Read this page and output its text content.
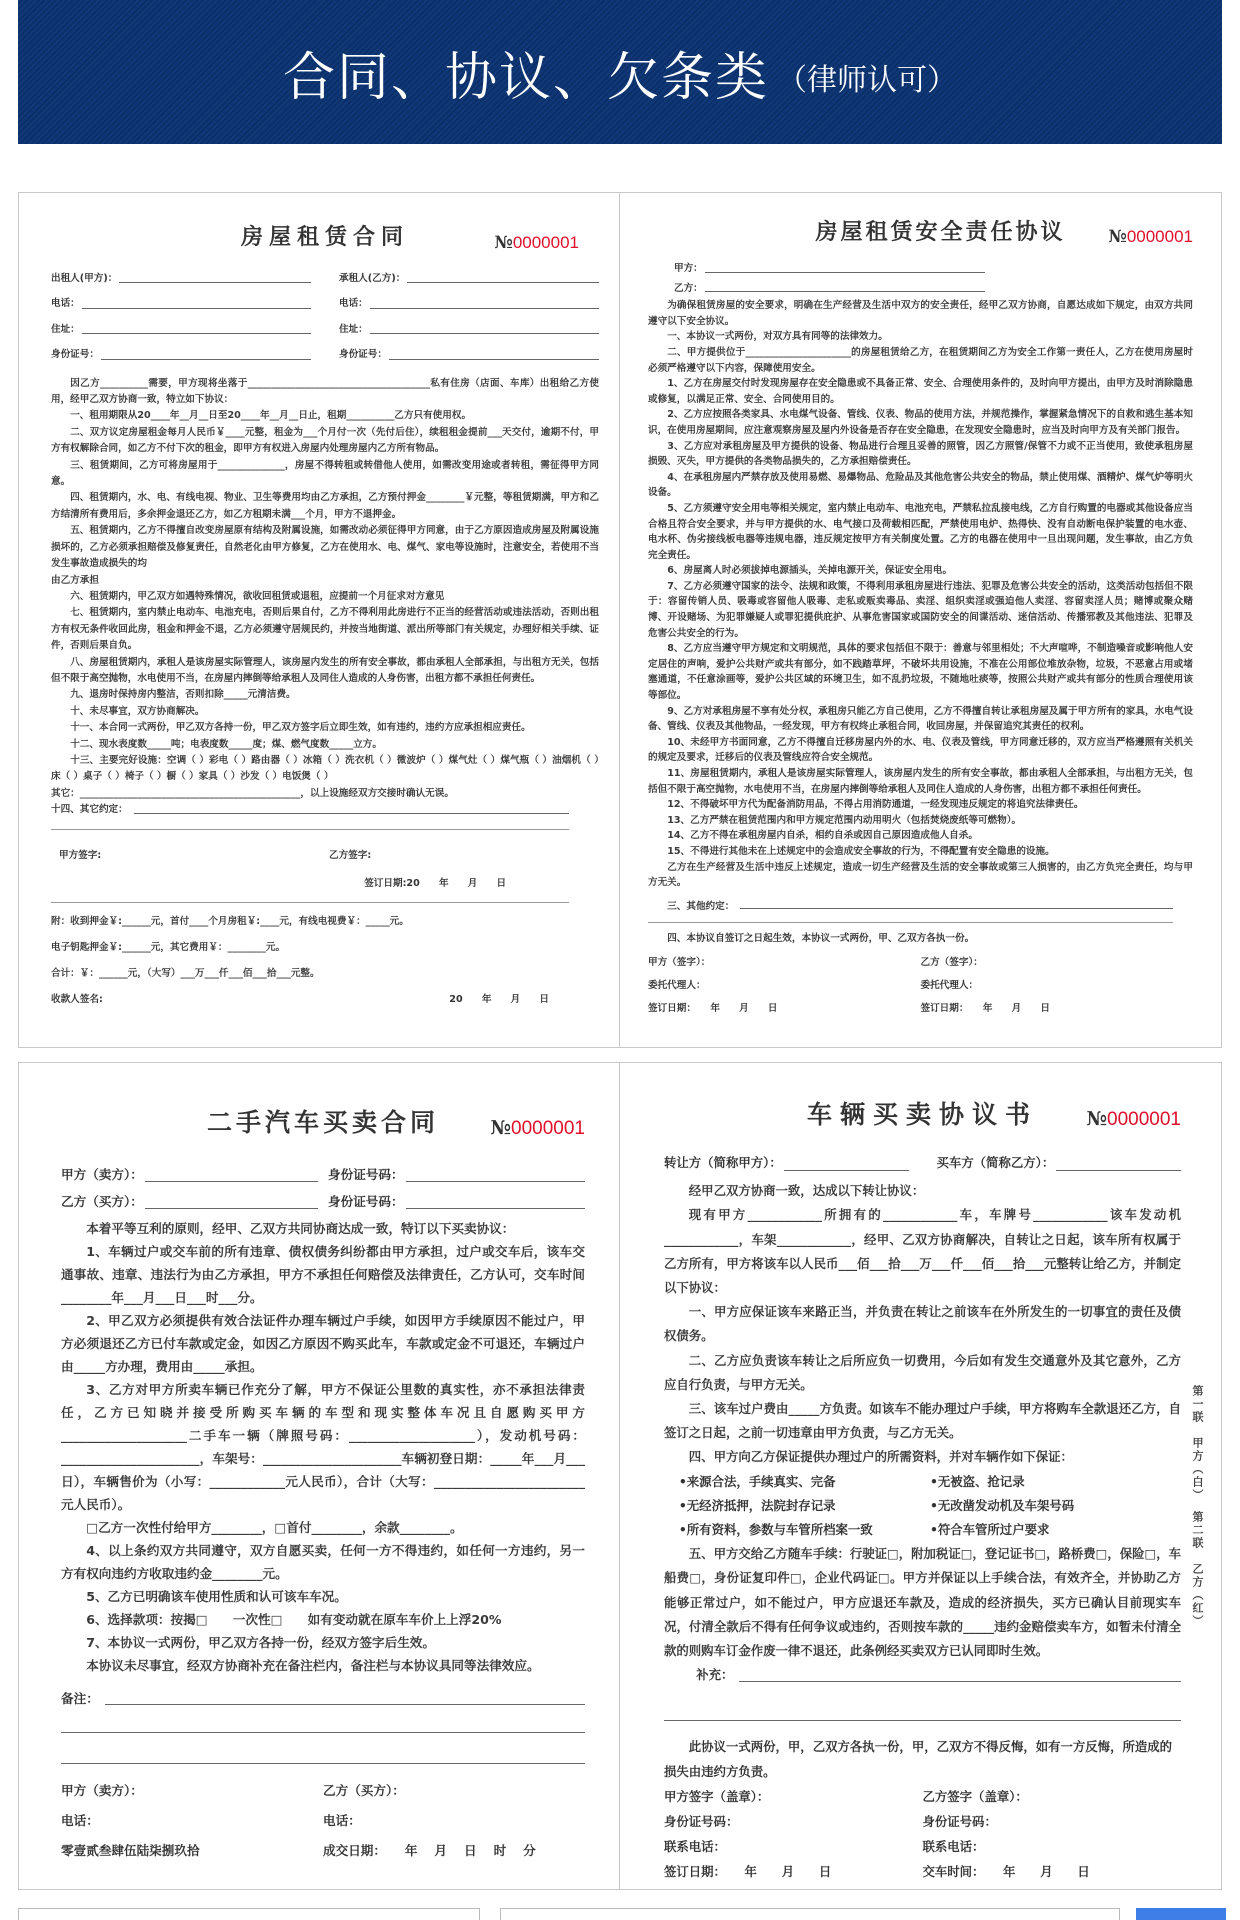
合同、协议、欠条类 （律师认可）
房屋租赁合同	№0000001
出租人(甲方)：	承租人(乙方)：
电话：	电话：
住址：	住址：
身份证号：	身份证号：

因乙方__________需要，甲方现将坐落于______________________________________私有住房（店面、车库）出租给乙方使用，经甲乙双方协商一致，特立如下协议：

一、租用期限从20____年__月__日至20____年__月__日止，租期__________乙方只有使用权。

二、双方议定房屋租金每月人民币￥____元整，租金为___个月付一次（先付后住），续租租金提前___天交付，逾期不付，甲方有权解除合同，如乙方不付下次的租金，即甲方有权进入房屋内处理房屋内乙方所有物品。

三、租赁期间，乙方可将房屋用于______________，房屋不得转租或转借他人使用，如需改变用途或者转租，需征得甲方同意。

四、租赁期内，水、电、有线电视、物业、卫生等费用均由乙方承担，乙方预付押金________￥元整，等租赁期满，甲方和乙方结清所有费用后，多余押金退还乙方，如乙方租期未满___个月，甲方不退押金。

五、租赁期内，乙方不得擅自改变房屋原有结构及附属设施，如需改动必须征得甲方同意，由于乙方原因造成房屋及附属设施损坏的，乙方必须承担赔偿及修复责任，自然老化由甲方修复，乙方在使用水、电、煤气、家电等设施时，注意安全，若使用不当发生事故造成损失的均

由乙方承担

六、租赁期内，甲乙双方如遇特殊情况，欲收回租赁或退租，应提前一个月征求对方意见

七、租赁期内，室内禁止电动车、电池充电，否则后果自付，乙方不得利用此房进行不正当的经营活动或违法活动，否则出租方有权无条件收回此房，租金和押金不退，乙方必须遵守居规民约，并按当地街道、派出所等部门有关规定，办理好相关手续、证件，否则后果自负。

八、房屋租赁期内，承租人是该房屋实际管理人，该房屋内发生的所有安全事故，都由承租人全部承担，与出租方无关，包括但不限于高空抛物，水电使用不当，在房屋内摔倒等给承租人及同住人造成的人身伤害，出租方都不承担任何责任。

九、退房时保持房内整洁，否则扣除_____元清洁费。

十、未尽事宜，双方协商解决。

十一、本合同一式两份，甲乙双方各持一份，甲乙双方签字后立即生效，如有违约，违约方应承担相应责任。

十二、现水表度数_____吨；电表度数_____度；煤、燃气度数_____立方。

十三、主要完好设施：空调（ ）彩电（ ）路由器（ ）冰箱（ ）洗衣机（ ）微波炉（ ）煤气灶（ ）煤气瓶（ ）油烟机（ ）床（ ）桌子（ ）椅子（ ）橱（ ）家具（ ）沙发（ ）电饭煲（ ）

其它：______________________________________________，以上设施经双方交接时确认无误。

十四、其它约定：
甲方签字:	乙方签字:
签订日期:20　　年　　月　　日

附：收到押金￥:______元，首付____个月房租￥:____元，有线电视费￥：_____元。

电子钥匙押金￥:______元，其它费用￥：________元。

合计：￥：______元，（大写）___万___仟___佰___拾___元整。

收款人签名:	20　　年　　月　　日
房屋租赁安全责任协议	№0000001
甲方：
乙方：

为确保租赁房屋的安全要求，明确在生产经营及生活中双方的安全责任，经甲乙双方协商，自愿达成如下规定，由双方共同遵守以下安全协议。

一、本协议一式两份，对双方具有同等的法律效力。

二、甲方提供位于______________________的房屋租赁给乙方，在租赁期间乙方为安全工作第一责任人，乙方在使用房屋时必须严格遵守以下内容，保障使用安全。

1、乙方在房屋交付时发现房屋存在安全隐患或不具备正常、安全、合理使用条件的，及时向甲方提出，由甲方及时消除隐患或修复，以满足正常、安全、合同使用目的。

2、乙方应按照各类家具、水电煤气设备、管线、仪表、物品的使用方法，并规范操作，掌握紧急情况下的自救和逃生基本知识，在使用房屋期间，应注意观察房屋及屋内外设备是否存在安全隐患，在发现安全隐患时，应当及时向甲方及有关部门报告。

3、乙方应对承租房屋及甲方提供的设备、物品进行合理且妥善的照管，因乙方照管/保管不力或不正当使用，致使承租房屋损毁、灭失，甲方提供的各类物品损失的，乙方承担赔偿责任。

4、在承租房屋内严禁存放及使用易燃、易爆物品、危险品及其他危害公共安全的物品，禁止使用煤、酒精炉、煤气炉等明火设备。

5、乙方须遵守安全用电等相关规定，室内禁止电动车、电池充电，严禁私拉乱接电线，乙方自行购置的电器或其他设备应当合格且符合安全要求，并与甲方提供的水、电气接口及荷载相匹配，严禁使用电炉、热得快、没有自动断电保护装置的电水壶、电水杯、伪劣接线板电器等违规电器，违反规定按甲方有关制度处置。乙方的电器在使用中一旦出现问题，发生事故，由乙方负完全责任。

6、房屋离人时必须拔掉电源插头，关掉电源开关，保证安全用电。

7、乙方必须遵守国家的法令、法规和政策，不得利用承租房屋进行违法、犯罪及危害公共安全的活动，这类活动包括但不限于：容留传销人员、吸毒或容留他人吸毒、走私或贩卖毒品、卖淫、组织卖淫或强迫他人卖淫、容留卖淫人员；赌博或聚众赌博、开设赌场、为犯罪嫌疑人或罪犯提供庇护、从事危害国家或国防安全的间谍活动、迷信活动、传播邪教及其他违法、犯罪及危害公共安全的行为。

8、乙方应当遵守甲方规定和文明规范，具体的要求包括但不限于：善意与邻里相处；不大声喧哗，不制造噪音或影响他人安定居住的声响，爱护公共财产或共有部分，如不践踏草坪，不破坏共用设施，不准在公用部位堆放杂物，垃圾，不恶意占用或堵塞通道，不任意涂画等，爱护公共区域的环境卫生，如不乱扔垃圾，不随地吐痰等，按照公共财产或共有部分的性质合理使用该等部位。

9、乙方对承租房屋不享有处分权，承租房只能乙方自己使用，乙方不得擅自转让承租房屋及属于甲方所有的家具，水电气设备、管线、仪表及其他物品，一经发现，甲方有权终止承租合同，收回房屋，并保留追究其责任的权利。

10、未经甲方书面同意，乙方不得擅自迁移房屋内外的水、电、仪表及管线，甲方同意迁移的，双方应当严格遵照有关机关的规定及要求，迁移后的仪表及管线应符合安全规范。

11、房屋租赁期内，承租人是该房屋实际管理人，该房屋内发生的所有安全事故，都由承租人全部承担，与出租方无关，包括但不限于高空抛物，水电使用不当，在房屋内摔倒等给承租人及同住人造成的人身伤害，出租方都不承担任何责任。

12、不得破坏甲方代为配备消防用品，不得占用消防通道，一经发现违反规定的将追究法律责任。

13、乙方严禁在租赁范围内和甲方规定范围内动用明火（包括焚烧废纸等可燃物）。

14、乙方不得在承租房屋内自杀，相约自杀或因自己原因造成他人自杀。

15、不得进行其他未在上述规定中的会造成安全事故的行为，不得配置有安全隐患的设施。

乙方在生产经营及生活中违反上述规定，造成一切生产经营及生活的安全事故或第三人损害的，由乙方负完全责任，均与甲方无关。

三、其他约定：

四、本协议自签订之日起生效，本协议一式两份，甲、乙双方各执一份。

甲方（签字）：	乙方（签字）：
委托代理人：	委托代理人：
签订日期：　　年　　月　　日	签订日期：　　年　　月　　日
二手汽车买卖合同	№0000001
甲方（卖方）：	身份证号码：
乙方（买方）：	身份证号码：

本着平等互利的原则，经甲、乙双方共同协商达成一致，特订以下买卖协议：

1、车辆过户或交车前的所有违章、债权债务纠纷都由甲方承担，过户或交车后，该车交通事故、违章、违法行为由乙方承担，甲方不承担任何赔偿及法律责任，乙方认可，交车时间________年___月___日___时___分。

2、甲乙双方必须提供有效合法证件办理车辆过户手续，如因甲方手续原因不能过户，甲方必须退还乙方已付车款或定金，如因乙方原因不购买此车，车款或定金不可退还，车辆过户由_____方办理，费用由_____承担。

3、乙方对甲方所卖车辆已作充分了解，甲方不保证公里数的真实性，亦不承担法律责任，乙方已知晓并接受所购买车辆的车型和现实整体车况且自愿购买甲方____________________二手车一辆（牌照号码：____________________），发动机号码：______________________，车架号：______________________车辆初登日期：_____年___月___日），车辆售价为（小写：____________元人民币），合计（大写：________________________元人民币）。

□乙方一次性付给甲方________，□首付________，余款________。

4、以上条约双方共同遵守，双方自愿买卖，任何一方不得违约，如任何一方违约，另一方有权向违约方收取违约金________元。

5、乙方已明确该车使用性质和认可该车车况。

6、选择款项：按揭□　　一次性□　　如有变动就在原车车价上上浮20%

7、本协议一式两份，甲乙双方各持一份，经双方签字后生效。

本协议未尽事宜，经双方协商补充在备注栏内，备注栏与本协议具同等法律效应。

备注：
甲方（卖方）：	乙方（买方）：
电话：	电话：
零壹贰叁肆伍陆柒捌玖拾	成交日期：　　年　 月　 日　 时　 分
第一联　甲方（白）
第二联　乙方（红）
车辆买卖协议书	№0000001
转让方（简称甲方）：	买车方（简称乙方）：

经甲乙双方协商一致，达成以下转让协议：

现有甲方____________所拥有的____________车，车牌号____________该车发动机____________，车架____________，经甲、乙双方协商解决，自转让之日起，该车所有权属于乙方所有，甲方将该车以人民币___佰___拾___万___仟___佰___拾___元整转让给乙方，并制定以下协议：

一、甲方应保证该车来路正当，并负责在转让之前该车在外所发生的一切事宜的责任及债权债务。

二、乙方应负责该车转让之后所应负一切费用，今后如有发生交通意外及其它意外，乙方应自行负责，与甲方无关。

三、该车过户费由_____方负责。如该车不能办理过户手续，甲方将购车全款退还乙方，自签订之日起，之前一切违章由甲方负责，与乙方无关。

四、甲方向乙方保证提供办理过户的所需资料，并对车辆作如下保证：

•来源合法，手续真实、完备	•无被盗、抢记录
•无经济抵押，法院封存记录	•无改凿发动机及车架号码
•所有资料，参数与车管所档案一致	•符合车管所过户要求

五、甲方交给乙方随车手续：行驶证□，附加税证□，登记证书□，路桥费□，保险□，车船费□，身份证复印件□，企业代码证□。甲方并保证以上手续合法，有效齐全，并协助乙方能够正常过户，如不能过户，甲方应退还车款及，造成的经济损失，买方已确认目前现实车况，付清全款后不得有任何争议或违约，否则按车款的_____违约金赔偿卖车方，如暂未付清全款的则购车订金作废一律不退还，此条例经买卖双方已认同即时生效。

补充：

此协议一式两份，甲，乙双方各执一份，甲，乙双方不得反悔，如有一方反悔，所造成的损失由违约方负责。

甲方签字（盖章）：	乙方签字（盖章）：
身份证号码：	身份证号码：
联系电话：	联系电话：
签订日期：　　年　　月　　日	交车时间：　　年　　月　　日
